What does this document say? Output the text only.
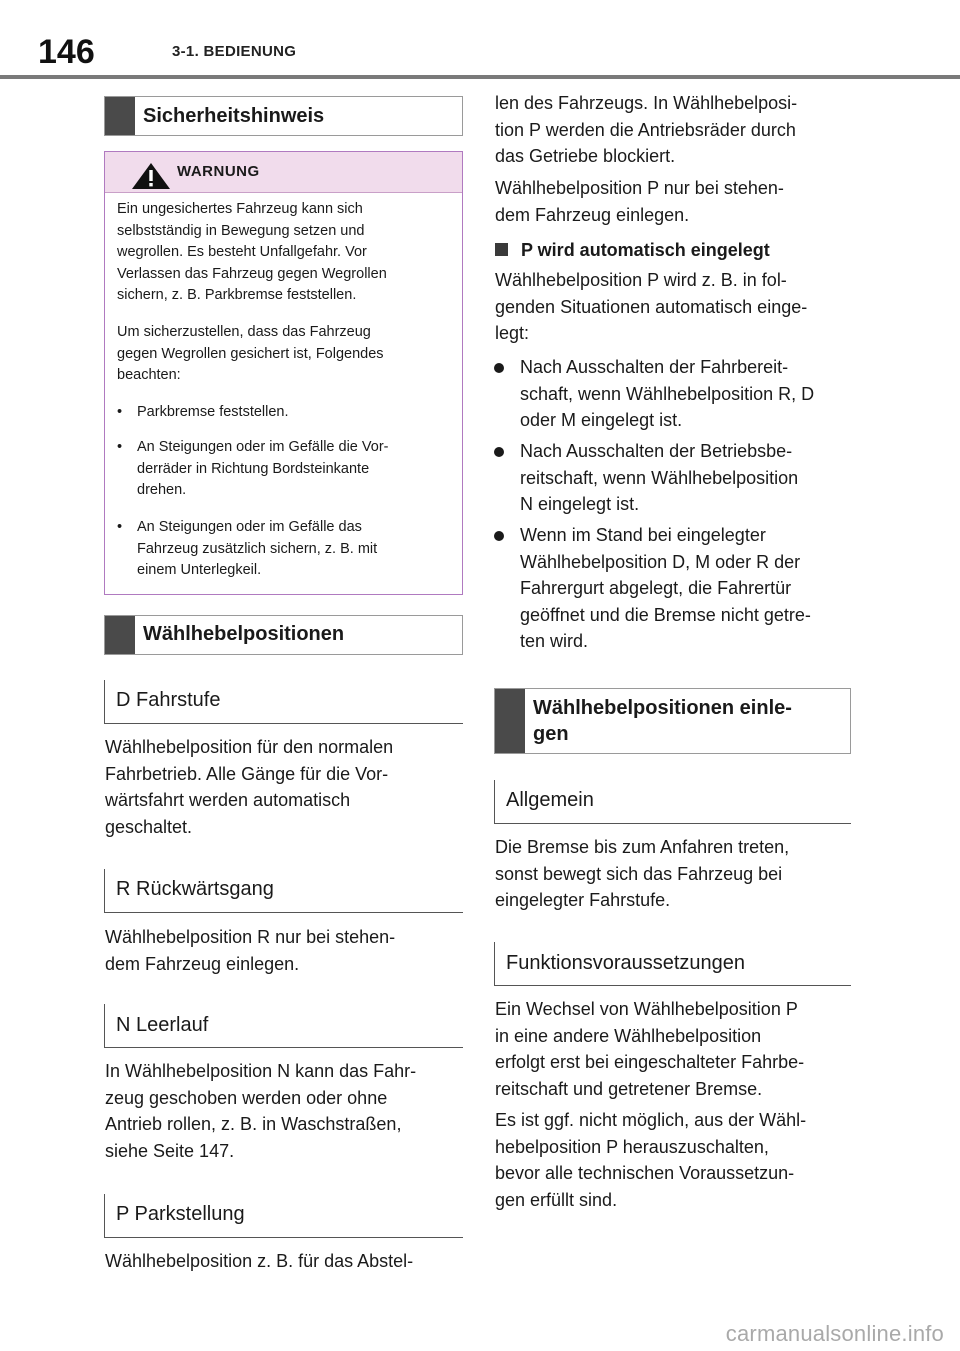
146	3-1. BEDIENUNG
Sicherheitshinweis
WARNUNG
Ein ungesichertes Fahrzeug kann sich
selbstständig in Bewegung setzen und
wegrollen. Es besteht Unfallgefahr. Vor
Verlassen das Fahrzeug gegen Wegrollen
sichern, z. B. Parkbremse feststellen.
Um sicherzustellen, dass das Fahrzeug
gegen Wegrollen gesichert ist, Folgendes
beachten:
• Parkbremse feststellen.
• An Steigungen oder im Gefälle die Vor-
derräder in Richtung Bordsteinkante
drehen.
• An Steigungen oder im Gefälle das
Fahrzeug zusätzlich sichern, z. B. mit
einem Unterlegkeil.
Wählhebelpositionen
D Fahrstufe
Wählhebelposition für den normalen
Fahrbetrieb. Alle Gänge für die Vor-
wärtsfahrt werden automatisch
geschaltet.
R Rückwärtsgang
Wählhebelposition R nur bei stehen-
dem Fahrzeug einlegen.
N Leerlauf
In Wählhebelposition N kann das Fahr-
zeug geschoben werden oder ohne
Antrieb rollen, z. B. in Waschstraßen,
siehe Seite 147.
P Parkstellung
Wählhebelposition z. B. für das Abstel-
len des Fahrzeugs. In Wählhebelposi-
tion P werden die Antriebsräder durch
das Getriebe blockiert.
Wählhebelposition P nur bei stehen-
dem Fahrzeug einlegen.
P wird automatisch eingelegt
Wählhebelposition P wird z. B. in fol-
genden Situationen automatisch einge-
legt:
Nach Ausschalten der Fahrbereit-
schaft, wenn Wählhebelposition R, D
oder M eingelegt ist.
Nach Ausschalten der Betriebsbe-
reitschaft, wenn Wählhebelposition
N eingelegt ist.
Wenn im Stand bei eingelegter
Wählhebelposition D, M oder R der
Fahrergurt abgelegt, die Fahrertür
geöffnet und die Bremse nicht getre-
ten wird.
Wählhebelpositionen einle-
gen
Allgemein
Die Bremse bis zum Anfahren treten,
sonst bewegt sich das Fahrzeug bei
eingelegter Fahrstufe.
Funktionsvoraussetzungen
Ein Wechsel von Wählhebelposition P
in eine andere Wählhebelposition
erfolgt erst bei eingeschalteter Fahrbe-
reitschaft und getretener Bremse.
Es ist ggf. nicht möglich, aus der Wähl-
hebelposition P herauszuschalten,
bevor alle technischen Voraussetzun-
gen erfüllt sind.
carmanualsonline.info
